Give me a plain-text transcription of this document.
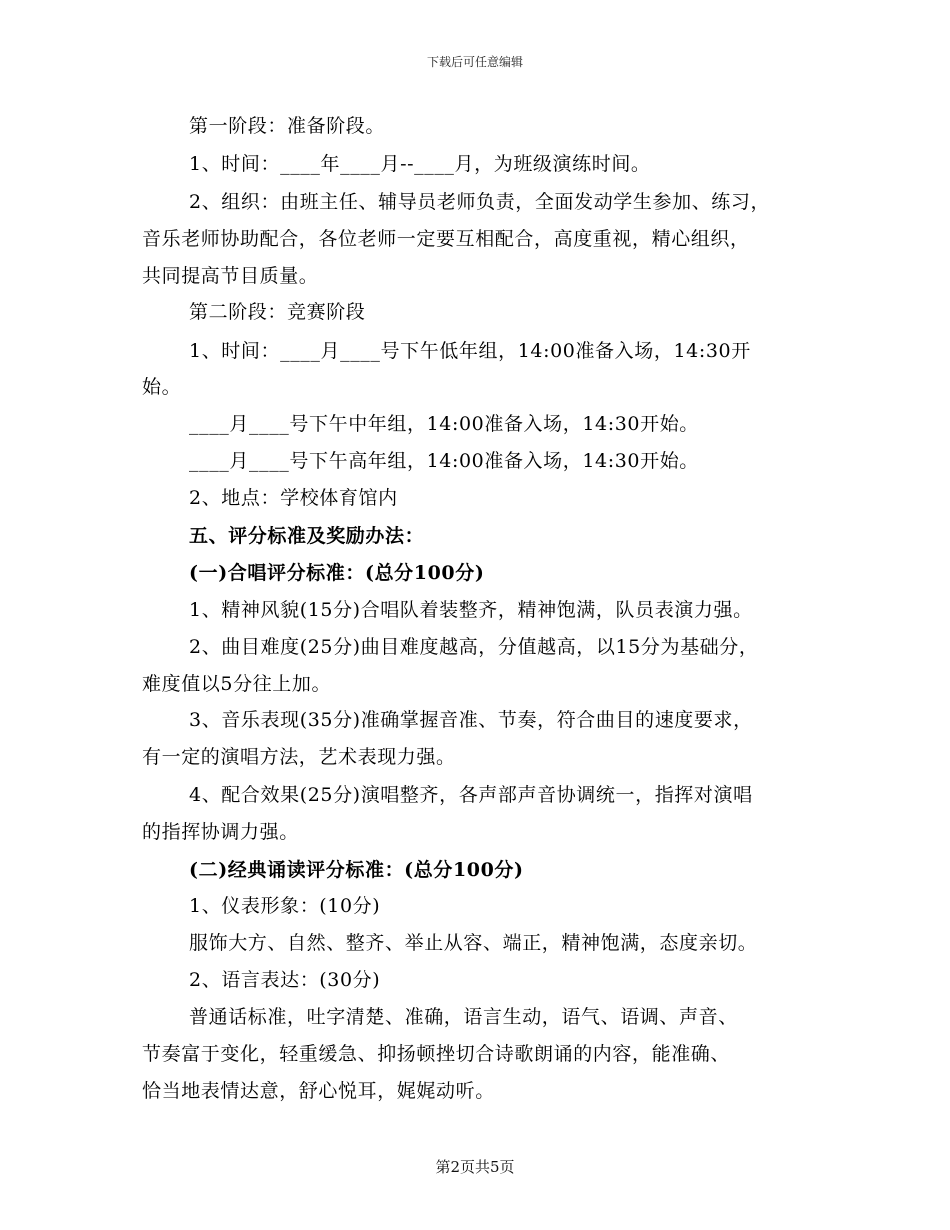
下载后可任意编辑
第一阶段：准备阶段。
1、时间：____年____月--____月，为班级演练时间。
2、组织：由班主任、辅导员老师负责，全面发动学生参加、练习，
音乐老师协助配合，各位老师一定要互相配合，高度重视，精心组织，
共同提高节目质量。
第二阶段：竞赛阶段
1、时间：____月____号下午低年组，14:00准备入场，14:30开
始。
____月____号下午中年组，14:00准备入场，14:30开始。
____月____号下午高年组，14:00准备入场，14:30开始。
2、地点：学校体育馆内
五、评分标准及奖励办法：
(一)合唱评分标准：(总分100分)
1、精神风貌(15分)合唱队着装整齐，精神饱满，队员表演力强。
2、曲目难度(25分)曲目难度越高，分值越高，以15分为基础分，
难度值以5分往上加。
3、音乐表现(35分)准确掌握音准、节奏，符合曲目的速度要求，
有一定的演唱方法，艺术表现力强。
4、配合效果(25分)演唱整齐，各声部声音协调统一，指挥对演唱
的指挥协调力强。
(二)经典诵读评分标准：(总分100分)
1、仪表形象：(10分)
服饰大方、自然、整齐、举止从容、端正，精神饱满，态度亲切。
2、语言表达：(30分)
普通话标准，吐字清楚、准确，语言生动，语气、语调、声音、
节奏富于变化，轻重缓急、抑扬顿挫切合诗歌朗诵的内容，能准确、
恰当地表情达意，舒心悦耳，娓娓动听。
第2页共5页
